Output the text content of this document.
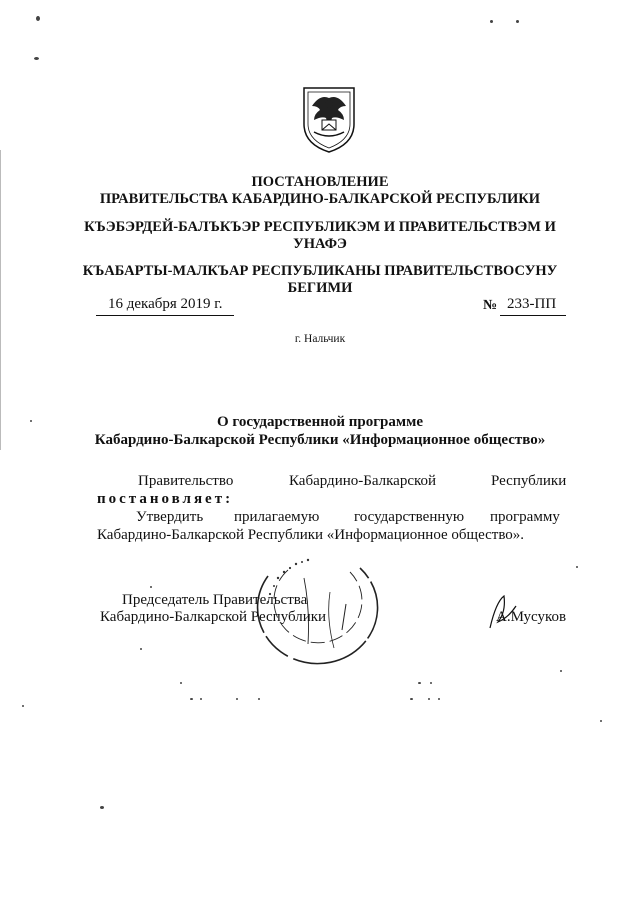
ПОСТАНОВЛЕНИЕ
ПРАВИТЕЛЬСТВА КАБАРДИНО-БАЛКАРСКОЙ РЕСПУБЛИКИ
КЪЭБЭРДЕЙ-БАЛЪКЪЭР РЕСПУБЛИКЭМ И ПРАВИТЕЛЬСТВЭМ И
УНАФЭ
КЪАБАРТЫ-МАЛКЪАР РЕСПУБЛИКАНЫ ПРАВИТЕЛЬСТВОСУНУ
БЕГИМИ
16 декабря 2019 г.	№ 233-ПП
г. Нальчик
О государственной программе
Кабардино-Балкарской Республики «Информационное общество»
Правительство	Кабардино-Балкарской	Республики
постановляет:
Утвердить прилагаемую государственную программу
Кабардино-Балкарской Республики «Информационное общество».
Председатель Правительства
Кабардино-Балкарской Республики	А.Мусуков
